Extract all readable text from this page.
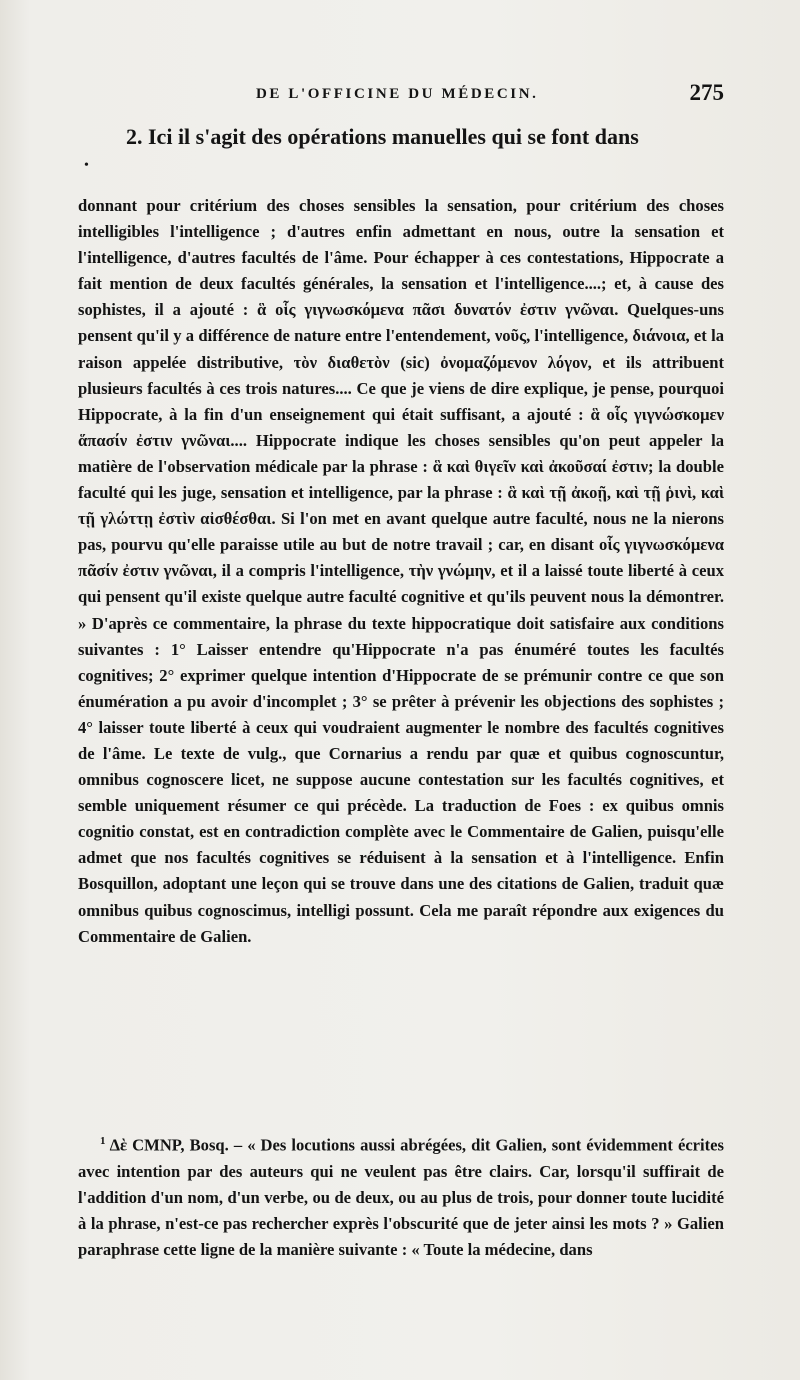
DE L'OFFICINE DU MÉDECIN.	275
2. Ici il s'agit des opérations manuelles qui se font dans
•

donnant pour critérium des choses sensibles la sensation, pour critérium des choses intelligibles l'intelligence ; d'autres enfin admettant en nous, outre la sensation et l'intelligence, d'autres facultés de l'âme. Pour échapper à ces contestations, Hippocrate a fait mention de deux facultés générales, la sensation et l'intelligence....; et, à cause des sophistes, il a ajouté : ἃ οἷς γιγνωσκόμενα πᾶσι δυνατόν ἐστιν γνῶναι. Quelques-uns pensent qu'il y a différence de nature entre l'entendement, νοῦς, l'intelligence, διάνοια, et la raison appelée distributive, τὸν διαθετὸν (sic) ὀνομαζόμενον λόγον, et ils attribuent plusieurs facultés à ces trois natures.... Ce que je viens de dire explique, je pense, pourquoi Hippocrate, à la fin d'un enseignement qui était suffisant, a ajouté : ἃ οἷς γιγνώσκομεν ἅπασίν ἐστιν γνῶναι.... Hippocrate indique les choses sensibles qu'on peut appeler la matière de l'observation médicale par la phrase : ἃ καὶ θιγεῖν καὶ ἀκοῦσαί ἐστιν; la double faculté qui les juge, sensation et intelligence, par la phrase : ἃ καὶ τῇ ἀκοῇ, καὶ τῇ ῥινὶ, καὶ τῇ γλώττῃ ἐστὶν αἰσθέσθαι. Si l'on met en avant quelque autre faculté, nous ne la nierons pas, pourvu qu'elle paraisse utile au but de notre travail ; car, en disant οἷς γιγνωσκόμενα πᾶσίν ἐστιν γνῶναι, il a compris l'intelligence, τὴν γνώμην, et il a laissé toute liberté à ceux qui pensent qu'il existe quelque autre faculté cognitive et qu'ils peuvent nous la démontrer. » D'après ce commentaire, la phrase du texte hippocratique doit satisfaire aux conditions suivantes : 1° Laisser entendre qu'Hippocrate n'a pas énuméré toutes les facultés cognitives; 2° exprimer quelque intention d'Hippocrate de se prémunir contre ce que son énumération a pu avoir d'incomplet ; 3° se prêter à prévenir les objections des sophistes ; 4° laisser toute liberté à ceux qui voudraient augmenter le nombre des facultés cognitives de l'âme. Le texte de vulg., que Cornarius a rendu par quæ et quibus cognoscuntur, omnibus cognoscere licet, ne suppose aucune contestation sur les facultés cognitives, et semble uniquement résumer ce qui précède. La traduction de Foes : ex quibus omnis cognitio constat, est en contradiction complète avec le Commentaire de Galien, puisqu'elle admet que nos facultés cognitives se réduisent à la sensation et à l'intelligence. Enfin Bosquillon, adoptant une leçon qui se trouve dans une des citations de Galien, traduit quæ omnibus quibus cognoscimus, intelligi possunt. Cela me paraît répondre aux exigences du Commentaire de Galien.

$^1$ Δὲ CMNP, Bosq. – « Des locutions aussi abrégées, dit Galien, sont évidemment écrites avec intention par des auteurs qui ne veulent pas être clairs. Car, lorsqu'il suffirait de l'addition d'un nom, d'un verbe, ou de deux, ou au plus de trois, pour donner toute lucidité à la phrase, n'est-ce pas rechercher exprès l'obscurité que de jeter ainsi les mots ? » Galien paraphrase cette ligne de la manière suivante : « Toute la médecine, dans
